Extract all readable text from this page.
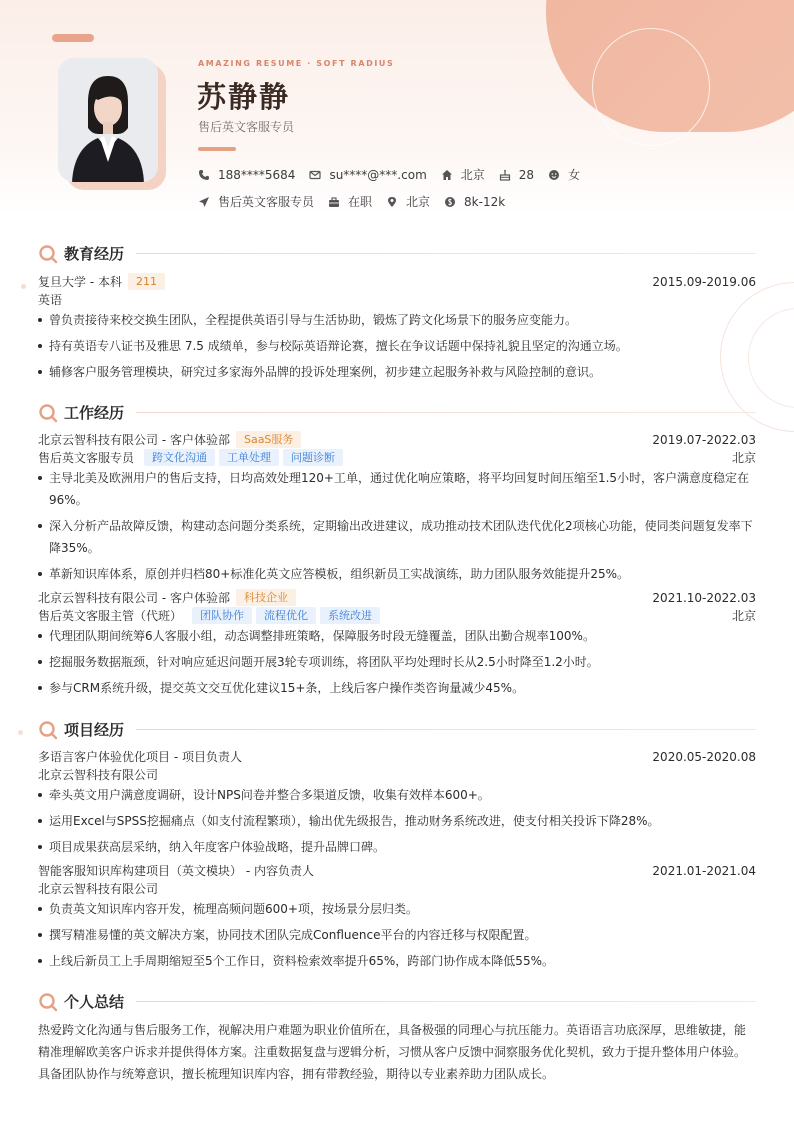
AMAZING RESUME · SOFT RADIUS
苏静静
售后英文客服专员
188****5684	su****@***.com	北京	28	女
售后英文客服专员	在职	北京	8k-12k
教育经历
复旦大学 - 本科	211	2015.09-2019.06
英语
曾负责接待来校交换生团队，全程提供英语引导与生活协助，锻炼了跨文化场景下的服务应变能力。
持有英语专八证书及雅思 7.5 成绩单，参与校际英语辩论赛，擅长在争议话题中保持礼貌且坚定的沟通立场。
辅修客户服务管理模块，研究过多家海外品牌的投诉处理案例，初步建立起服务补救与风险控制的意识。
工作经历
北京云智科技有限公司 - 客户体验部	SaaS服务	2019.07-2022.03
售后英文客服专员	跨文化沟通	工单处理	问题诊断	北京
主导北美及欧洲用户的售后支持，日均高效处理120+工单，通过优化响应策略，将平均回复时间压缩至1.5小时，客户满意度稳定在
96%。
深入分析产品故障反馈，构建动态问题分类系统，定期输出改进建议，成功推动技术团队迭代优化2项核心功能，使同类问题复发率下
降35%。
革新知识库体系，原创并归档80+标准化英文应答模板，组织新员工实战演练，助力团队服务效能提升25%。
北京云智科技有限公司 - 客户体验部	科技企业	2021.10-2022.03
售后英文客服主管（代班）	团队协作	流程优化	系统改进	北京
代理团队期间统筹6人客服小组，动态调整排班策略，保障服务时段无缝覆盖，团队出勤合规率100%。
挖掘服务数据瓶颈，针对响应延迟问题开展3轮专项训练，将团队平均处理时长从2.5小时降至1.2小时。
参与CRM系统升级，提交英文交互优化建议15+条，上线后客户操作类咨询量减少45%。
项目经历
多语言客户体验优化项目 - 项目负责人	2020.05-2020.08
北京云智科技有限公司
牵头英文用户满意度调研，设计NPS问卷并整合多渠道反馈，收集有效样本600+。
运用Excel与SPSS挖掘痛点（如支付流程繁琐），输出优先级报告，推动财务系统改进，使支付相关投诉下降28%。
项目成果获高层采纳，纳入年度客户体验战略，提升品牌口碑。
智能客服知识库构建项目（英文模块） - 内容负责人	2021.01-2021.04
北京云智科技有限公司
负责英文知识库内容开发，梳理高频问题600+项，按场景分层归类。
撰写精准易懂的英文解决方案，协同技术团队完成Confluence平台的内容迁移与权限配置。
上线后新员工上手周期缩短至5个工作日，资料检索效率提升65%，跨部门协作成本降低55%。
个人总结
热爱跨文化沟通与售后服务工作，视解决用户难题为职业价值所在，具备极强的同理心与抗压能力。英语语言功底深厚，思维敏捷，能
精准理解欧美客户诉求并提供得体方案。注重数据复盘与逻辑分析，习惯从客户反馈中洞察服务优化契机，致力于提升整体用户体验。
具备团队协作与统筹意识，擅长梳理知识库内容，拥有带教经验，期待以专业素养助力团队成长。
